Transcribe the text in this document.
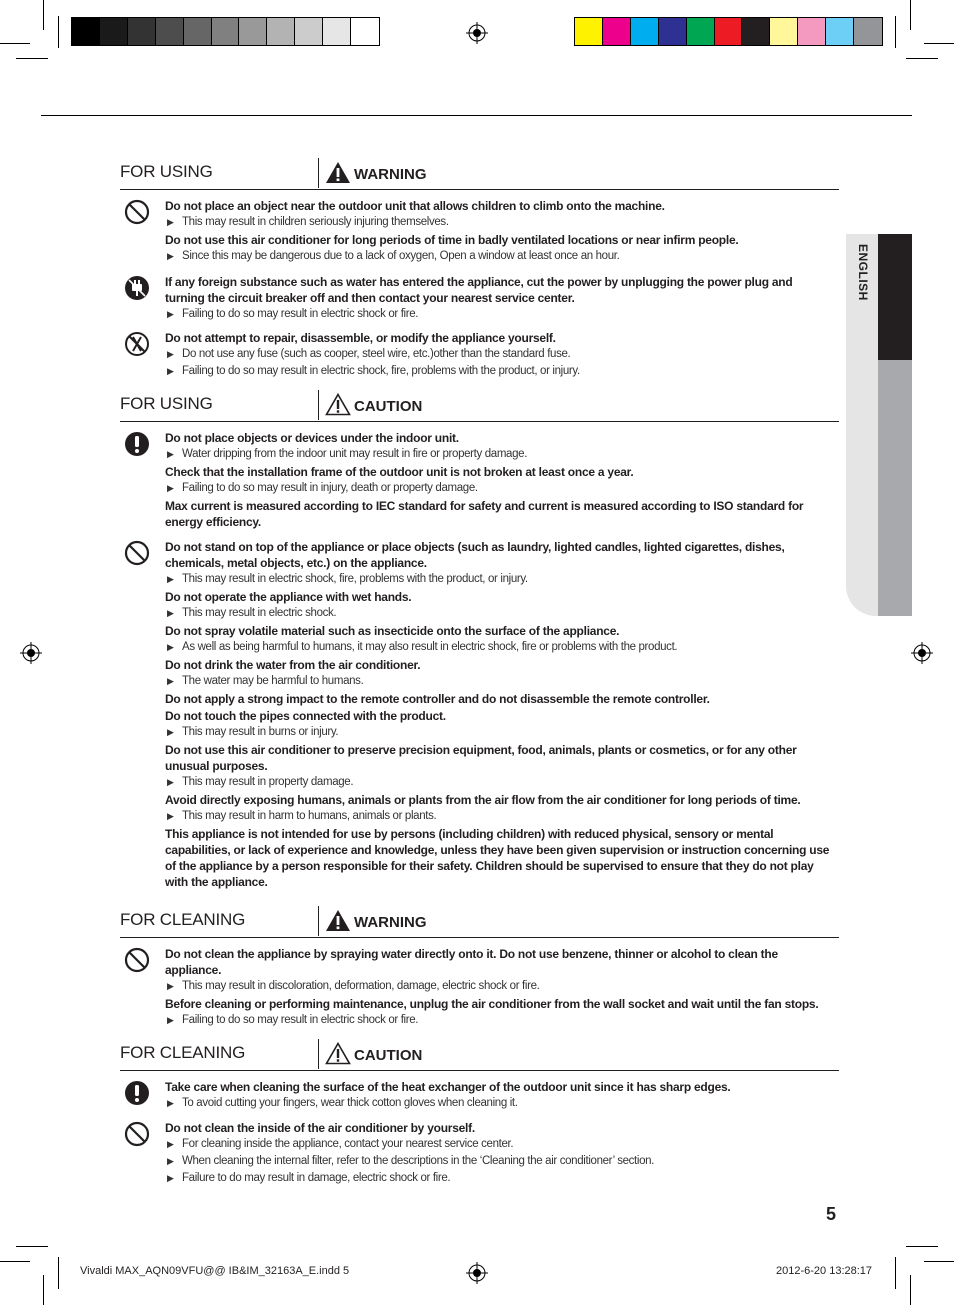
ENGLISH
FOR USING	WARNING
Do not place an object near the outdoor unit that allows children to climb onto the machine.
▶ This may result in children seriously injuring themselves.
Do not use this air conditioner for long periods of time in badly ventilated locations or near infirm people.
▶ Since this may be dangerous due to a lack of oxygen, Open a window at least once an hour.
If any foreign substance such as water has entered the appliance, cut the power by unplugging the power plug and turning the circuit breaker off and then contact your nearest service center.
▶ Failing to do so may result in electric shock or fire.
Do not attempt to repair, disassemble, or modify the appliance yourself.
▶ Do not use any fuse (such as cooper, steel wire, etc.)other than the standard fuse.
▶ Failing to do so may result in electric shock, fire, problems with the product, or injury.
FOR USING	CAUTION
Do not place objects or devices under the indoor unit.
▶ Water dripping from the indoor unit may result in fire or property damage.
Check that the installation frame of the outdoor unit is not broken at least once a year.
▶ Failing to do so may result in injury, death or property damage.
Max current is measured according to IEC standard for safety and current is measured according to ISO standard for energy efficiency.
Do not stand on top of the appliance or place objects (such as laundry, lighted candles, lighted cigarettes, dishes, chemicals, metal objects, etc.) on the appliance.
▶ This may result in electric shock, fire, problems with the product, or injury.
Do not operate the appliance with wet hands.
▶ This may result in electric shock.
Do not spray volatile material such as insecticide onto the surface of the appliance.
▶ As well as being harmful to humans, it may also result in electric shock, fire or problems with the product.
Do not drink the water from the air conditioner.
▶ The water may be harmful to humans.
Do not apply a strong impact to the remote controller and do not disassemble the remote controller.
Do not touch the pipes connected with the product.
▶ This may result in burns or injury.
Do not use this air conditioner to preserve precision equipment, food, animals, plants or cosmetics, or for any other unusual purposes.
▶ This may result in property damage.
Avoid directly exposing humans, animals or plants from the air flow from the air conditioner for long periods of time.
▶ This may result in harm to humans, animals or plants.
This appliance is not intended for use by persons (including children) with reduced physical, sensory or mental capabilities, or lack of experience and knowledge, unless they have been given supervision or instruction concerning use of the appliance by a person responsible for their safety. Children should be supervised to ensure that they do not play with the appliance.
FOR CLEANING	WARNING
Do not clean the appliance by spraying water directly onto it. Do not use benzene, thinner or alcohol to clean the appliance.
▶ This may result in discoloration, deformation, damage, electric shock or fire.
Before cleaning or performing maintenance, unplug the air conditioner from the wall socket and wait until the fan stops.
▶ Failing to do so may result in electric shock or fire.
FOR CLEANING	CAUTION
Take care when cleaning the surface of the heat exchanger of the outdoor unit since it has sharp edges.
▶ To avoid cutting your fingers, wear thick cotton gloves when cleaning it.
Do not clean the inside of the air conditioner by yourself.
▶ For cleaning inside the appliance, contact your nearest service center.
▶ When cleaning the internal filter, refer to the descriptions in the ‘Cleaning the air conditioner’ section.
▶ Failure to do may result in damage, electric shock or fire.
5
Vivaldi MAX_AQN09VFU@@ IB&IM_32163A_E.indd 5	2012-6-20 13:28:17
